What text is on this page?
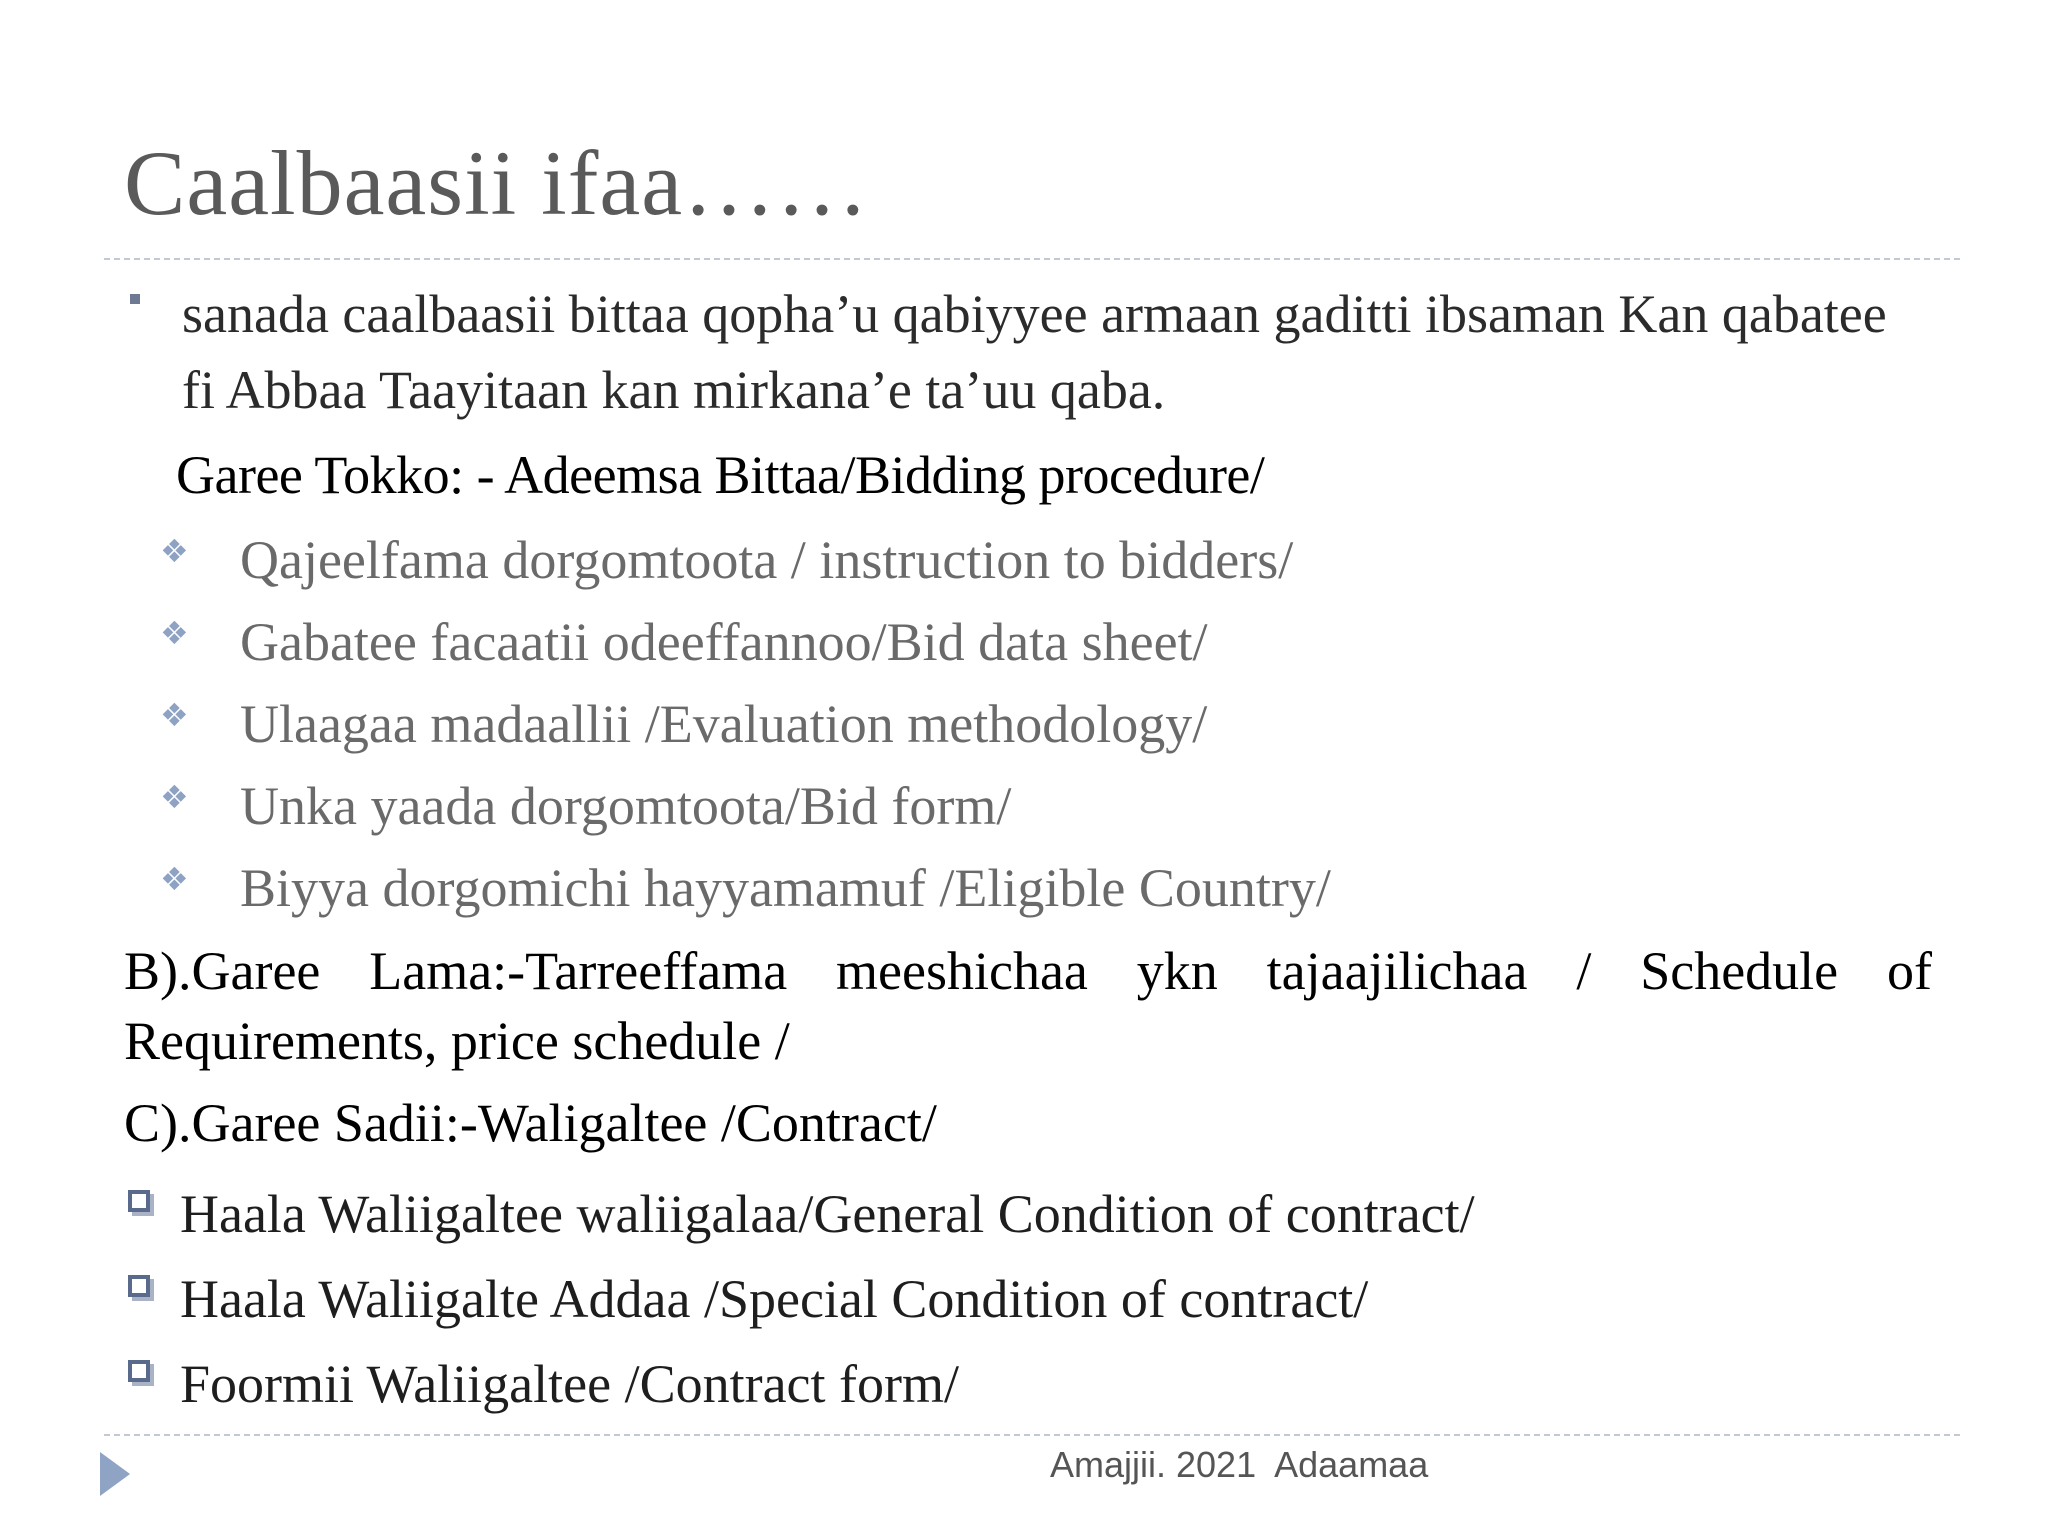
Caalbaasii ifaa……
sanada caalbaasii bittaa qopha’u qabiyyee armaan gaditti ibsaman Kan qabatee fi Abbaa Taayitaan kan mirkana’e ta’uu qaba.
Garee Tokko: - Adeemsa Bittaa/Bidding procedure/
❖ Qajeelfama dorgomtoota / instruction to bidders/
❖ Gabatee facaatii odeeffannoo/Bid data sheet/
❖ Ulaagaa madaallii /Evaluation methodology/
❖ Unka yaada dorgomtoota/Bid form/
❖ Biyya dorgomichi hayyamamuf /Eligible Country/
B).Garee Lama:-Tarreeffama meeshichaa ykn tajaajilichaa / Schedule of Requirements, price schedule /
C).Garee Sadii:-Waligaltee /Contract/
Haala Waliigaltee waliigalaa/General Condition of contract/
Haala Waliigalte Addaa /Special Condition of contract/
Foormii Waliigaltee /Contract form/
Amajjii. 2021  Adaamaa
